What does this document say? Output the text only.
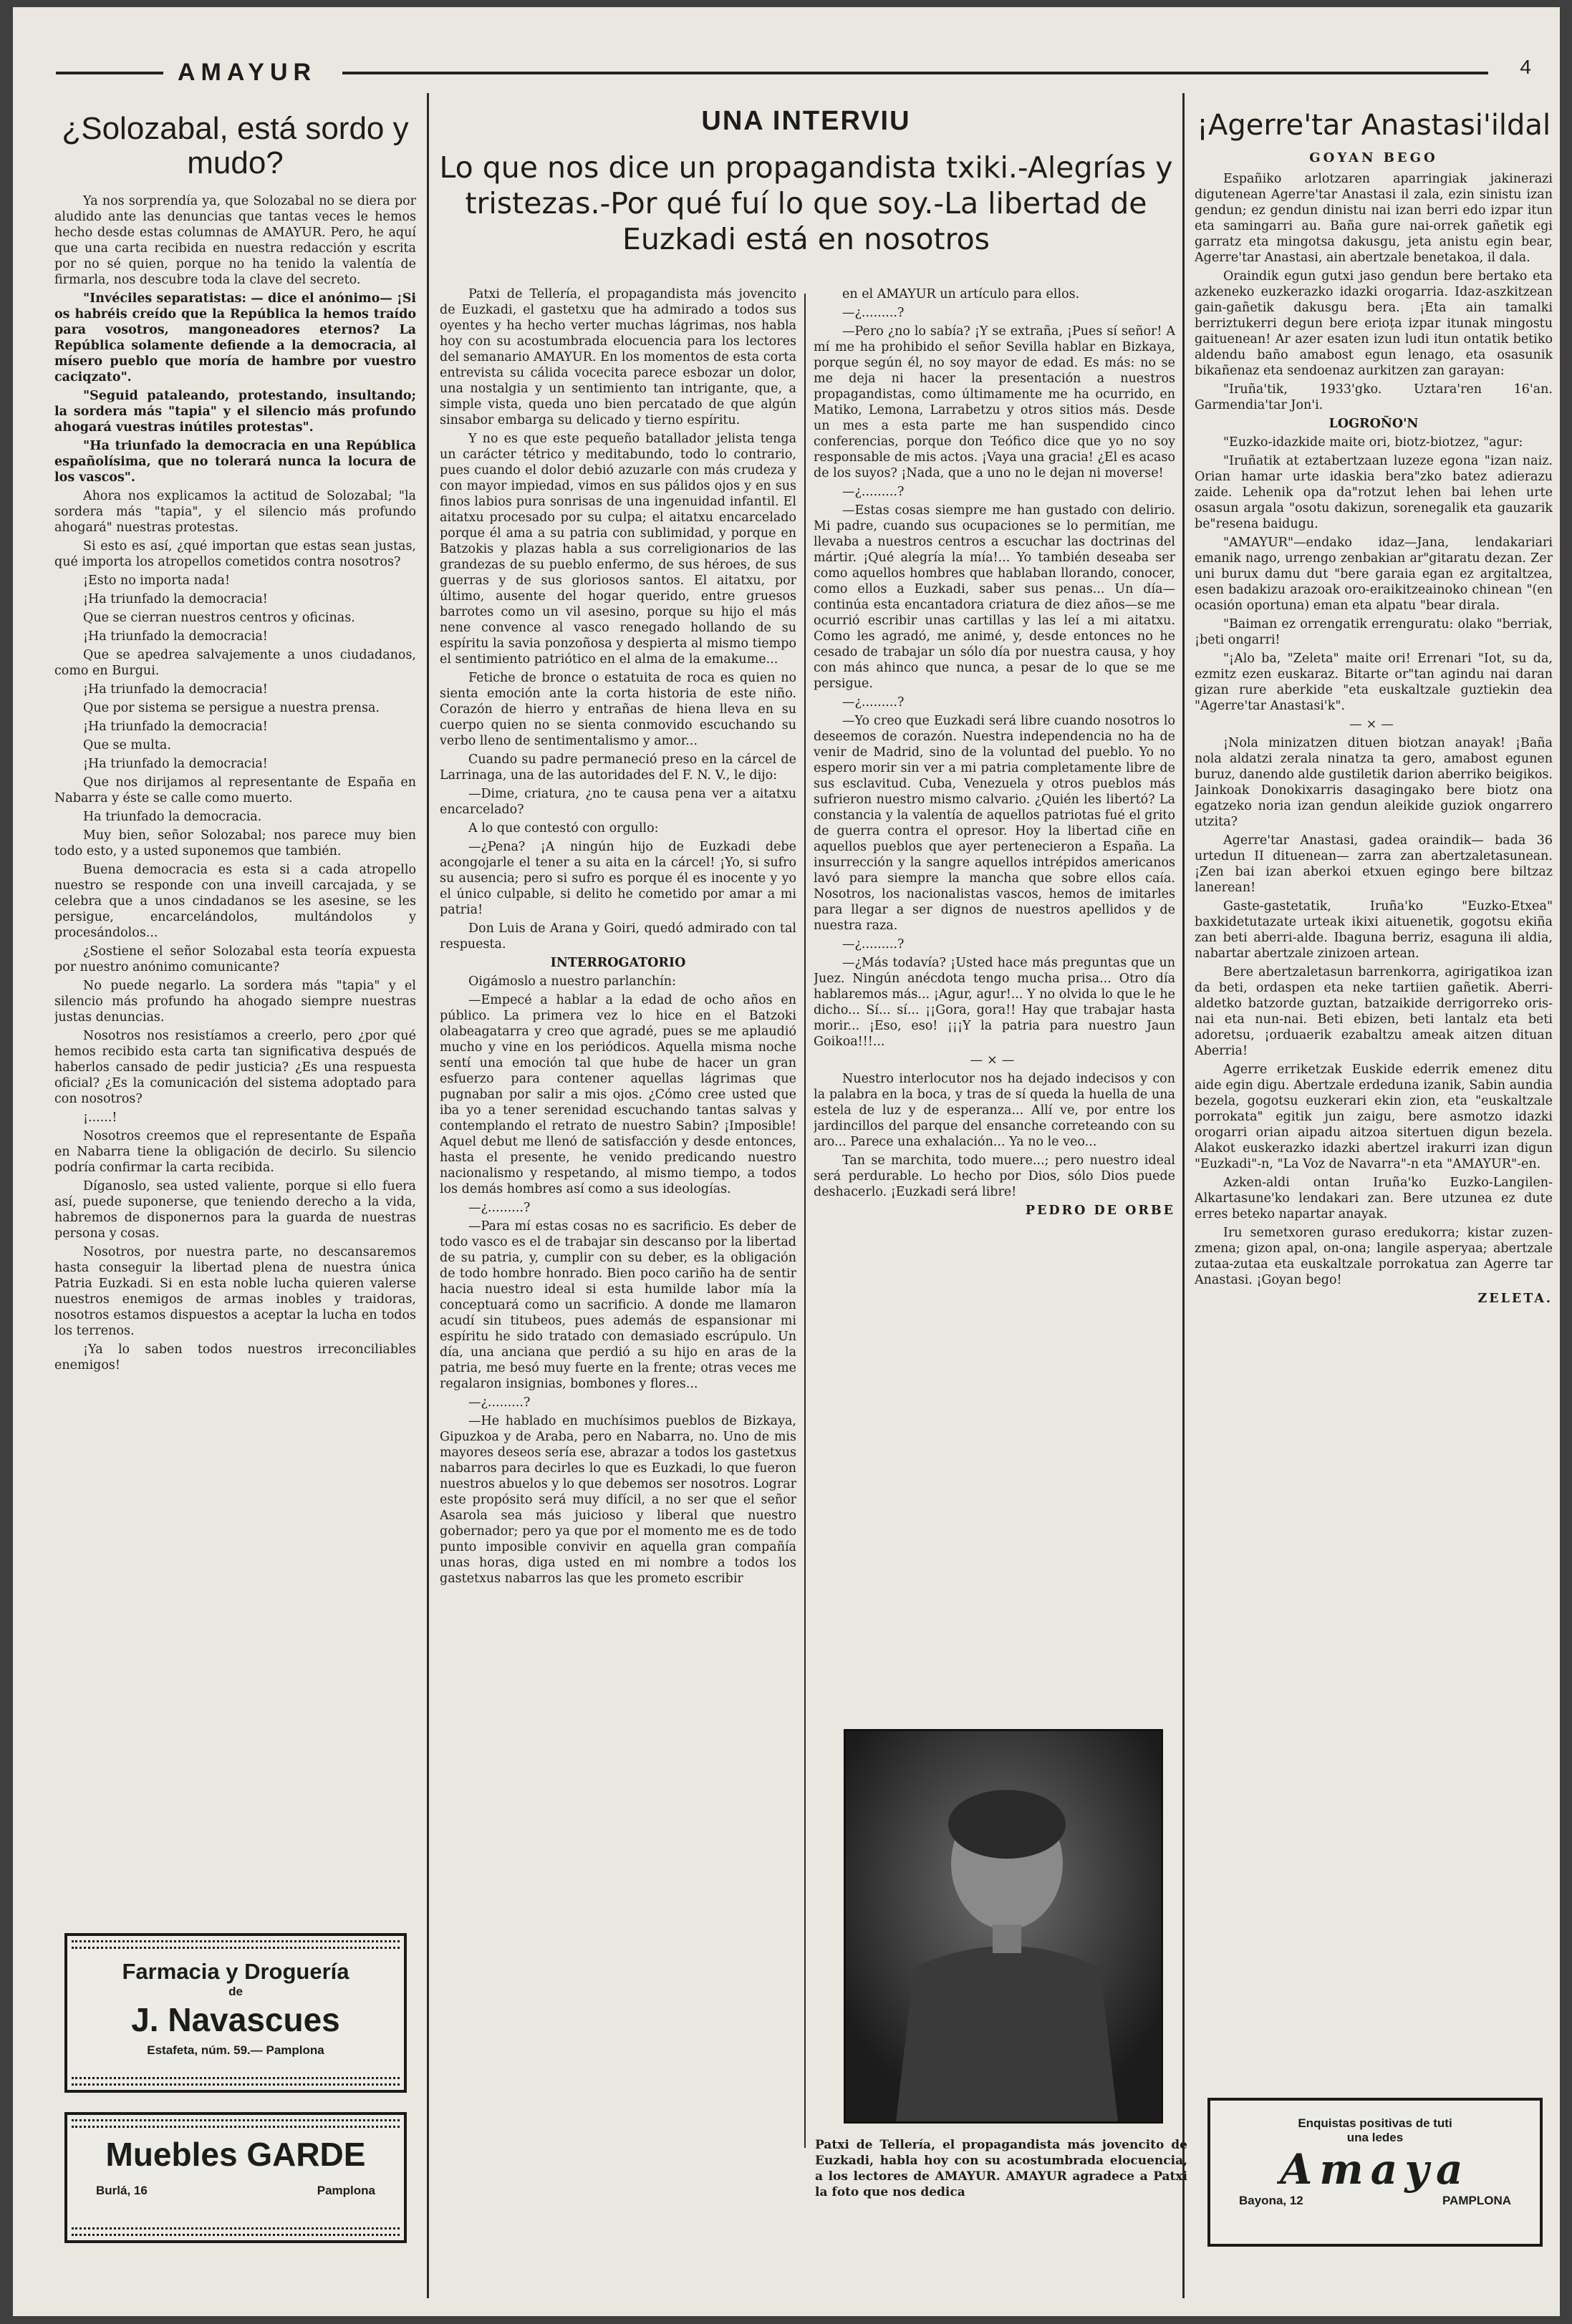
AMAYUR	4
¿Solozabal, está sordo y mudo?

Ya nos sorprendía ya, que Solozabal no se diera por aludido ante las denuncias que tantas veces le hemos hecho desde estas columnas de AMAYUR. Pero, he aquí que una carta recibida en nuestra redacción y escrita por no sé quien, porque no ha tenido la valentía de firmarla, nos descubre toda la clave del secreto.

"Invéciles separatistas: — dice el anónimo— ¡Si os habréis creído que la República la hemos traído para vosotros, mangoneadores eternos? La República solamente defiende a la democracia, al mísero pueblo que moría de hambre por vuestro caciqzato".

"Seguid pataleando, protestando, insultando; la sordera más "tapia" y el silencio más profundo ahogará vuestras inútiles protestas".

"Ha triunfado la democracia en una República españolísima, que no tolerará nunca la locura de los vascos".

Ahora nos explicamos la actitud de Solozabal; "la sordera más "tapia", y el silencio más profundo ahogará" nuestras protestas.

Si esto es así, ¿qué importan que estas sean justas, qué importa los atropellos cometidos contra nosotros?

¡Esto no importa nada!

¡Ha triunfado la democracia!

Que se cierran nuestros centros y oficinas.

¡Ha triunfado la democracia!

Que se apedrea salvajemente a unos ciudadanos, como en Burgui.

¡Ha triunfado la democracia!

Que por sistema se persigue a nuestra prensa.

¡Ha triunfado la democracia!

Que se multa.

¡Ha triunfado la democracia!

Que nos dirijamos al representante de España en Nabarra y éste se calle como muerto.

Ha triunfado la democracia.

Muy bien, señor Solozabal; nos parece muy bien todo esto, y a usted suponemos que también.

Buena democracia es esta si a cada atropello nuestro se responde con una inveill carcajada, y se celebra que a unos cindadanos se les asesine, se les persigue, encarcelándolos, multándolos y procesándolos...

¿Sostiene el señor Solozabal esta teoría expuesta por nuestro anónimo comunicante?

No puede negarlo. La sordera más "tapia" y el silencio más profundo ha ahogado siempre nuestras justas denuncias.

Nosotros nos resistíamos a creerlo, pero ¿por qué hemos recibido esta carta tan significativa después de haberlos cansado de pedir justicia? ¿Es una respuesta oficial? ¿Es la comunicación del sistema adoptado para con nosotros?

¡......!

Nosotros creemos que el representante de España en Nabarra tiene la obligación de decirlo. Su silencio podría confirmar la carta recibida.

Díganoslo, sea usted valiente, porque si ello fuera así, puede suponerse, que teniendo derecho a la vida, habremos de disponernos para la guarda de nuestras persona y cosas.

Nosotros, por nuestra parte, no descansaremos hasta conseguir la libertad plena de nuestra única Patria Euzkadi. Si en esta noble lucha quieren valerse nuestros enemigos de armas inobles y traidoras, nosotros estamos dispuestos a aceptar la lucha en todos los terrenos.

¡Ya lo saben todos nuestros irreconciliables enemigos!

Farmacia y Droguería
de
J. Navascues
Estafeta, núm. 59.— Pamplona
Muebles GARDE
Burlá, 16	Pamplona
UNA INTERVIU
Lo que nos dice un propagandista txiki.-Alegrías y tristezas.-Por qué fuí lo que soy.-La libertad de Euzkadi está en nosotros

Patxi de Tellería, el propagandista más jovencito de Euzkadi, el gastetxu que ha admirado a todos sus oyentes y ha hecho verter muchas lágrimas, nos habla hoy con su acostumbrada elocuencia para los lectores del semanario AMAYUR. En los momentos de esta corta entrevista su cálida vocecita parece esbozar un dolor, una nostalgia y un sentimiento tan intrigante, que, a simple vista, queda uno bien percatado de que algún sinsabor embarga su delicado y tierno espíritu.

Y no es que este pequeño batallador jelista tenga un carácter tétrico y meditabundo, todo lo contrario, pues cuando el dolor debió azuzarle con más crudeza y con mayor impiedad, vimos en sus pálidos ojos y en sus finos labios pura sonrisas de una ingenuidad infantil. El aitatxu procesado por su culpa; el aitatxu encarcelado porque él ama a su patria con sublimidad, y porque en Batzokis y plazas habla a sus correligionarios de las grandezas de su pueblo enfermo, de sus héroes, de sus guerras y de sus gloriosos santos. El aitatxu, por último, ausente del hogar querido, entre gruesos barrotes como un vil asesino, porque su hijo el más nene convence al vasco renegado hollando de su espíritu la savia ponzoñosa y despierta al mismo tiempo el sentimiento patriótico en el alma de la emakume...

Fetiche de bronce o estatuita de roca es quien no sienta emoción ante la corta historia de este niño. Corazón de hierro y entrañas de hiena lleva en su cuerpo quien no se sienta conmovido escuchando su verbo lleno de sentimentalismo y amor...

Cuando su padre permaneció preso en la cárcel de Larrinaga, una de las autoridades del F. N. V., le dijo:

—Dime, criatura, ¿no te causa pena ver a aitatxu encarcelado?

A lo que contestó con orgullo:

—¿Pena? ¡A ningún hijo de Euzkadi debe acongojarle el tener a su aita en la cárcel! ¡Yo, si sufro su ausencia; pero si sufro es porque él es inocente y yo el único culpable, si delito he cometido por amar a mi patria!

Don Luis de Arana y Goiri, quedó admirado con tal respuesta.

INTERROGATORIO

Oigámoslo a nuestro parlanchín:

—Empecé a hablar a la edad de ocho años en público. La primera vez lo hice en el Batzoki olabeagatarra y creo que agradé, pues se me aplaudió mucho y vine en los periódicos. Aquella misma noche sentí una emoción tal que hube de hacer un gran esfuerzo para contener aquellas lágrimas que pugnaban por salir a mis ojos. ¿Cómo cree usted que iba yo a tener serenidad escuchando tantas salvas y contemplando el retrato de nuestro Sabin? ¡Imposible! Aquel debut me llenó de satisfacción y desde entonces, hasta el presente, he venido predicando nuestro nacionalismo y respetando, al mismo tiempo, a todos los demás hombres así como a sus ideologías.

—¿.........?

—Para mí estas cosas no es sacrificio. Es deber de todo vasco es el de trabajar sin descanso por la libertad de su patria, y, cumplir con su deber, es la obligación de todo hombre honrado. Bien poco cariño ha de sentir hacia nuestro ideal si esta humilde labor mía la conceptuará como un sacrificio. A donde me llamaron acudí sin titubeos, pues además de espansionar mi espíritu he sido tratado con demasiado escrúpulo. Un día, una anciana que perdió a su hijo en aras de la patria, me besó muy fuerte en la frente; otras veces me regalaron insignias, bombones y flores...

—¿.........?

—He hablado en muchísimos pueblos de Bizkaya, Gipuzkoa y de Araba, pero en Nabarra, no. Uno de mis mayores deseos sería ese, abrazar a todos los gastetxus nabarros para decirles lo que es Euzkadi, lo que fueron nuestros abuelos y lo que debemos ser nosotros. Lograr este propósito será muy difícil, a no ser que el señor Asarola sea más juicioso y liberal que nuestro gobernador; pero ya que por el momento me es de todo punto imposible convivir en aquella gran compañía unas horas, diga usted en mi nombre a todos los gastetxus nabarros las que les prometo escribir

en el AMAYUR un artículo para ellos.

—¿.........?

—Pero ¿no lo sabía? ¡Y se extraña, ¡Pues sí señor! A mí me ha prohibido el señor Sevilla hablar en Bizkaya, porque según él, no soy mayor de edad. Es más: no se me deja ni hacer la presentación a nuestros propagandistas, como últimamente me ha ocurrido, en Matiko, Lemona, Larrabetzu y otros sitios más. Desde un mes a esta parte me han suspendido cinco conferencias, porque don Teófico dice que yo no soy responsable de mis actos. ¡Vaya una gracia! ¿El es acaso de los suyos? ¡Nada, que a uno no le dejan ni moverse!

—¿.........?

—Estas cosas siempre me han gustado con delirio. Mi padre, cuando sus ocupaciones se lo permitían, me llevaba a nuestros centros a escuchar las doctrinas del mártir. ¡Qué alegría la mía!... Yo también deseaba ser como aquellos hombres que hablaban llorando, conocer, como ellos a Euzkadi, saber sus penas... Un día—continúa esta encantadora criatura de diez años—se me ocurrió escribir unas cartillas y las leí a mi aitatxu. Como les agradó, me animé, y, desde entonces no he cesado de trabajar un sólo día por nuestra causa, y hoy con más ahinco que nunca, a pesar de lo que se me persigue.

—¿.........?

—Yo creo que Euzkadi será libre cuando nosotros lo deseemos de corazón. Nuestra independencia no ha de venir de Madrid, sino de la voluntad del pueblo. Yo no espero morir sin ver a mi patria completamente libre de sus esclavitud. Cuba, Venezuela y otros pueblos más sufrieron nuestro mismo calvario. ¿Quién les libertó? La constancia y la valentía de aquellos patriotas fué el grito de guerra contra el opresor. Hoy la libertad ciñe en aquellos pueblos que ayer pertenecieron a España. La insurrección y la sangre aquellos intrépidos americanos lavó para siempre la mancha que sobre ellos caía. Nosotros, los nacionalistas vascos, hemos de imitarles para llegar a ser dignos de nuestros apellidos y de nuestra raza.

—¿.........?

—¿Más todavía? ¡Usted hace más preguntas que un Juez. Ningún anécdota tengo mucha prisa... Otro día hablaremos más... ¡Agur, agur!... Y no olvida lo que le he dicho... Sí... sí... ¡¡Gora, gora!! Hay que trabajar hasta morir... ¡Eso, eso! ¡¡¡Y la patria para nuestro Jaun Goikoa!!!...

—×—

Nuestro interlocutor nos ha dejado indecisos y con la palabra en la boca, y tras de sí queda la huella de una estela de luz y de esperanza... Allí ve, por entre los jardincillos del parque del ensanche correteando con su aro... Parece una exhalación... Ya no le veo...

Tan se marchita, todo muere...; pero nuestro ideal será perdurable. Lo hecho por Dios, sólo Dios puede deshacerlo. ¡Euzkadi será libre!

PEDRO DE ORBE

Patxi de Tellería, el propagandista más jovencito de Euzkadi, habla hoy con su acostumbrada elocuencia, a los lectores de AMAYUR. AMAYUR agradece a Patxi la foto que nos dedica
¡Agerre'tar Anastasi'ildal
GOYAN BEGO

Españiko arlotzaren aparringiak jakinerazi digutenean Agerre'tar Anastasi il zala, ezin sinistu izan gendun; ez gendun dinistu nai izan berri edo izpar itun eta samingarri au. Baña gure nai-orrek gañetik egi garratz eta mingotsa dakusgu, jeta anistu egin bear, Agerre'tar Anastasi, ain abertzale benetakoa, il dala.

Oraindik egun gutxi jaso gendun bere bertako eta azkeneko euzkerazko idazki orogarria. Idaz-aszkitzean gain-gañetik dakusgu bera. ¡Eta ain tamalki berriztukerri degun bere erioța izpar itunak mingostu gaituenean! Ar azer esaten izun ludi itun ontatik betiko aldendu baño amabost egun lenago, eta osasunik bikañenaz eta sendoenaz aurkitzen zan garayan:

"Iruña'tik, 1933'gko. Uztara'ren 16'an. Garmendia'tar Jon'i.

LOGROÑO'N

"Euzko-idazkide maite ori, biotz-biotzez, "agur:

"Iruñatik at eztabertzaan luzeze egona "izan naiz. Orian hamar urte idaskia bera"zko batez adierazu zaide. Lehenik opa da"rotzut lehen bai lehen urte osasun argala "osotu dakizun, sorenegalik eta gauzarik be"resena baidugu.

"AMAYUR"—endako idaz—Jana, lendakariari emanik nago, urrengo zenbakian ar"gitaratu dezan. Zer uni burux damu dut "bere garaia egan ez argitaltzea, esen badakizu arazoak oro-eraikitzeainoko chinean "(en ocasión oportuna) eman eta alpatu "bear dirala.

"Baiman ez orrengatik errenguratu: olako "berriak, ¡beti ongarri!

"¡Alo ba, "Zeleta" maite ori! Errenari "Iot, su da, ezmitz ezen euskaraz. Bitarte or"tan agindu nai daran gizan rure aberkide "eta euskaltzale guztiekin dea "Agerre'tar Anastasi'k".

—×—

¡Nola minizatzen dituen biotzan anayak! ¡Baña nola aldatzi zerala ninatza ta gero, amabost egunen buruz, danendo alde gustiletik darion aberriko beigikos. Jainkoak Donokixarris dasagingako bere biotz ona egatzeko noria izan gendun aleikide guziok ongarrero utzita?

Agerre'tar Anastasi, gadea oraindik— bada 36 urtedun II dituenean— zarra zan abertzaletasunean. ¡Zen bai izan aberkoi etxuen egingo bere biltzaz lanerean!

Gaste-gastetatik, Iruña'ko "Euzko-Etxea" baxkidetutazate urteak ikixi aituenetik, gogotsu ekiña zan beti aberri-alde. Ibaguna berriz, esaguna ili aldia, nabartar abertzale zinizoen artean.

Bere abertzaletasun barrenkorra, agirigatikoa izan da beti, ordaspen eta neke tartiien gañetik. Aberri-aldetko batzorde guztan, batzaikide derrigorreko oris-nai eta nun-nai. Beti ebizen, beti lantalz eta beti adoretsu, ¡orduaerik ezabaltzu ameak aitzen dituan Aberria!

Agerre erriketzak Euskide ederrik emenez ditu aide egin digu. Abertzale erdeduna izanik, Sabin aundia bezela, gogotsu euzkerari ekin zion, eta "euskaltzale porrokata" egitik jun zaigu, bere asmotzo idazki orogarri orian aipadu aitzoa sitertuen digun bezela. Alakot euskerazko idazki abertzel irakurri izan digun "Euzkadi"-n, "La Voz de Navarra"-n eta "AMAYUR"-en.

Azken-aldi ontan Iruña'ko Euzko-Langilen-Alkartasune'ko lendakari zan. Bere utzunea ez dute erres beteko napartar anayak.

Iru semetxoren guraso eredukorra; kistar zuzen-zmena; gizon apal, on-ona; langile asperyaa; abertzale zutaa-zutaa eta euskaltzale porrokatua zan Agerre tar Anastasi. ¡Goyan bego!

ZELETA.

Enquistas positivas de tuti
una ledes
Amaya
Bayona, 12	PAMPLONA
